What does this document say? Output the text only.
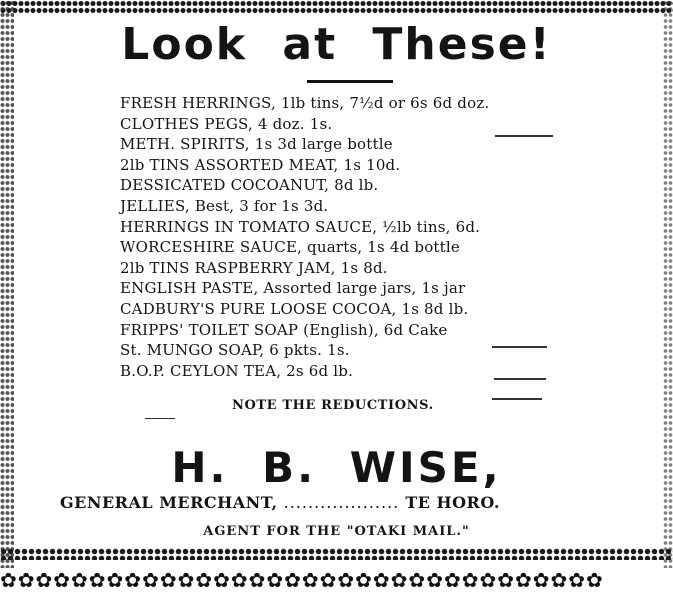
Look at These!
FRESH HERRINGS, 1lb tins, 7½d or 6s 6d doz.
CLOTHES PEGS, 4 doz. 1s.
METH. SPIRITS, 1s 3d large bottle
2lb TINS ASSORTED MEAT, 1s 10d.
DESSICATED COCOANUT, 8d lb.
JELLIES, Best, 3 for 1s 3d.
HERRINGS IN TOMATO SAUCE, ½lb tins, 6d.
WORCESHIRE SAUCE, quarts, 1s 4d bottle
2lb TINS RASPBERRY JAM, 1s 8d.
ENGLISH PASTE, Assorted large jars, 1s jar
CADBURY'S PURE LOOSE COCOA, 1s 8d lb.
FRIPPS' TOILET SOAP (English), 6d Cake
St. MUNGO SOAP, 6 pkts. 1s.
B.O.P. CEYLON TEA, 2s 6d lb.
NOTE THE REDUCTIONS.
H. B. WISE,
GENERAL MERCHANT, ................... TE HORO.
AGENT FOR THE "OTAKI MAIL."
✿✿✿✿✿✿✿✿✿✿✿✿✿✿✿✿✿✿✿✿✿✿✿✿✿✿✿✿✿✿✿✿✿✿
